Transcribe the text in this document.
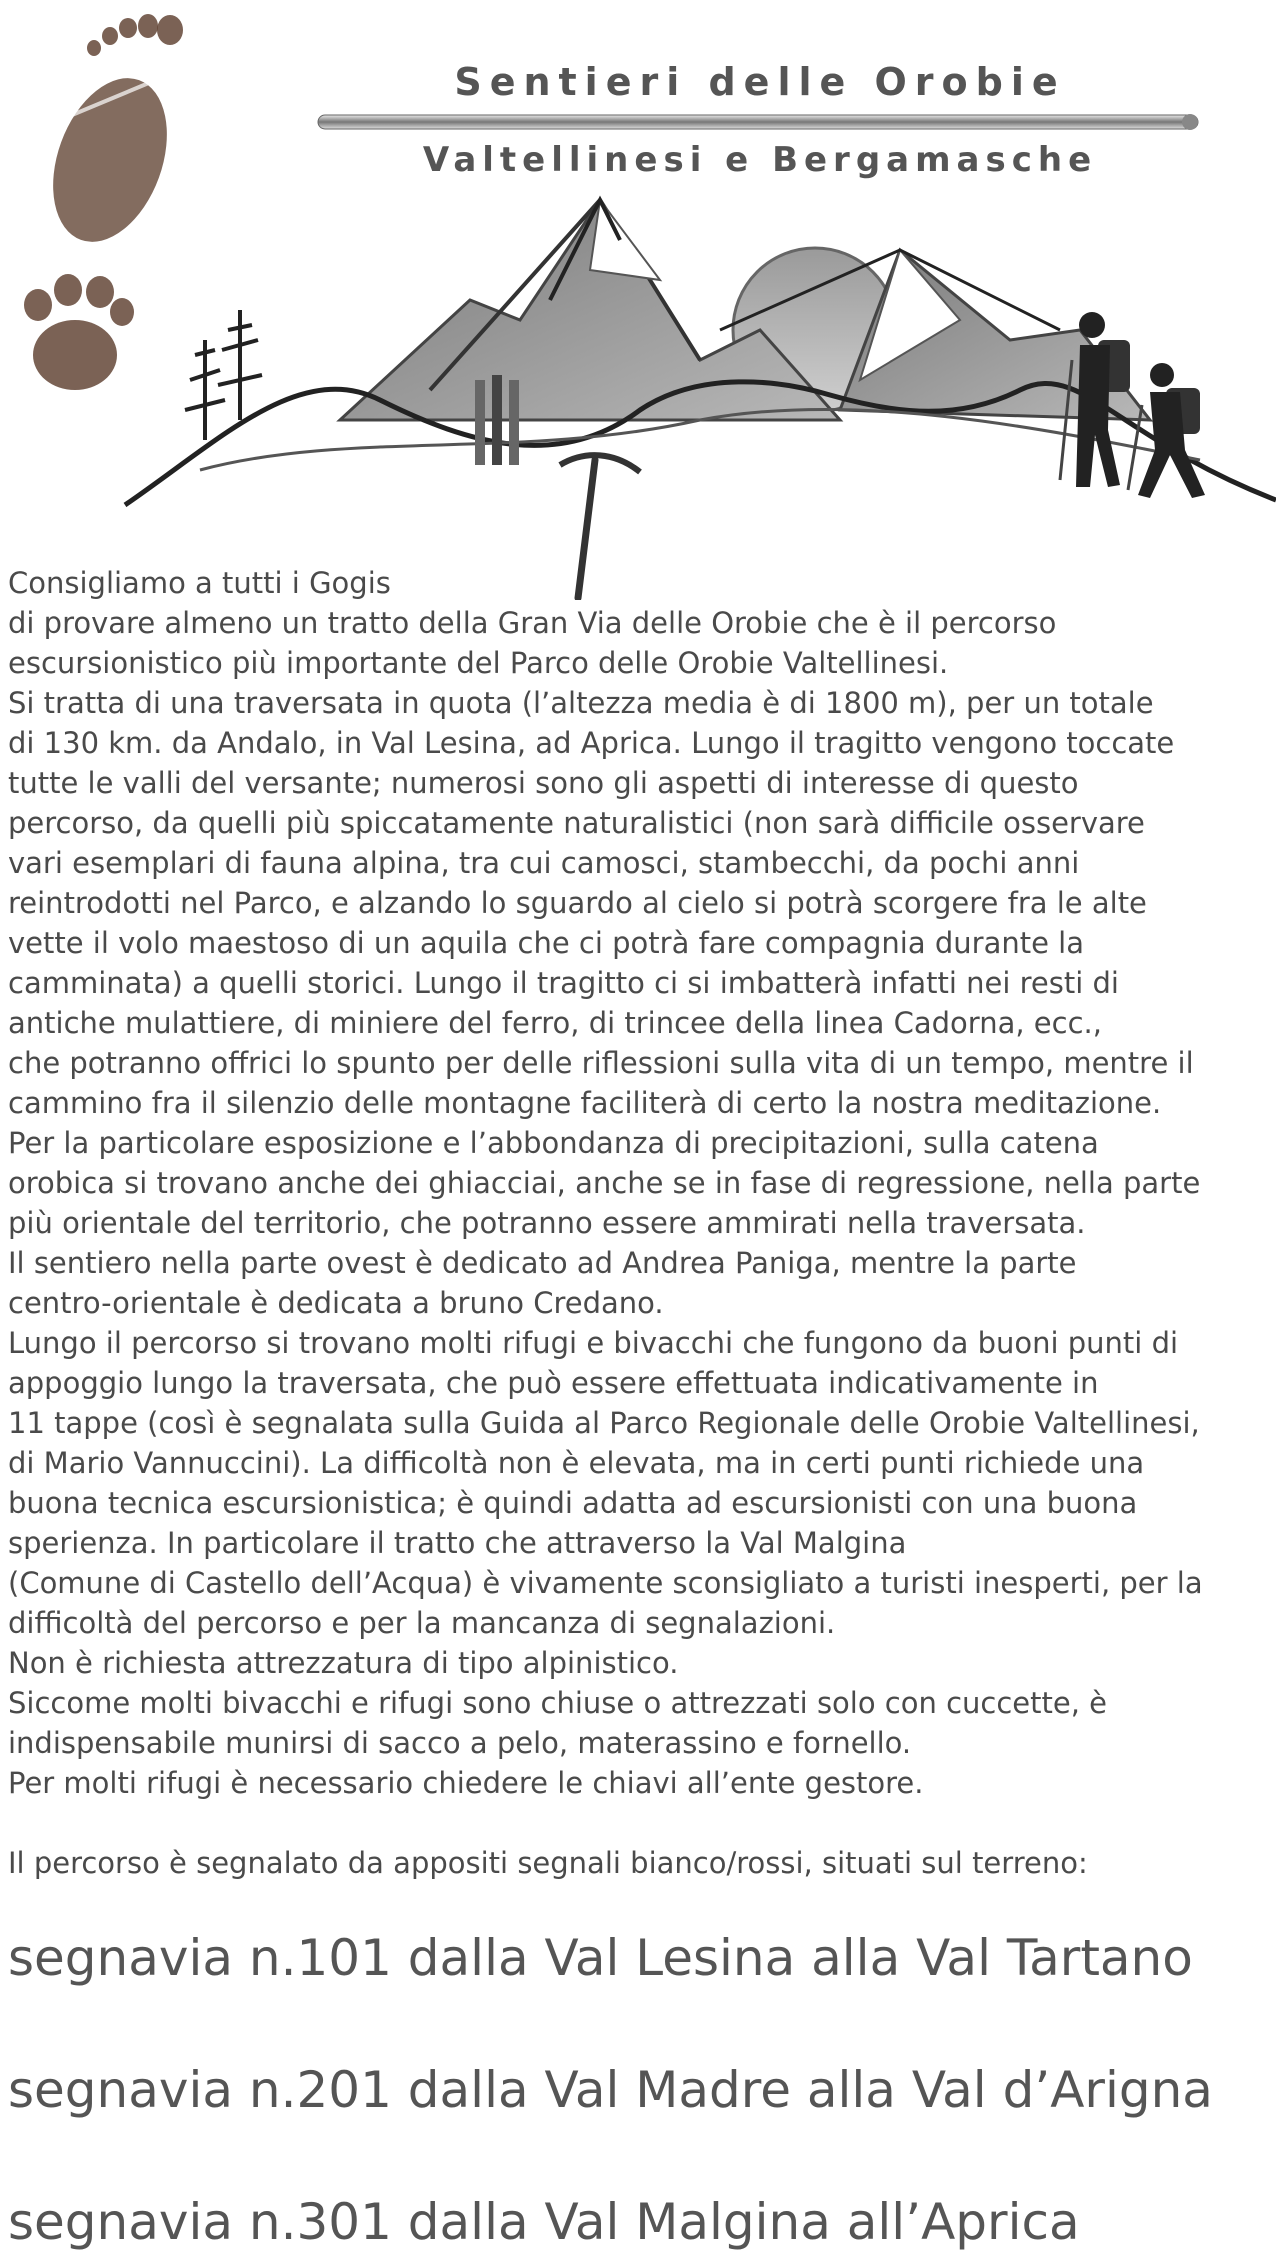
Sentieri delle Orobie
Valtellinesi e Bergamasche
Consigliamo a tutti i Gogis
di provare almeno un tratto della Gran Via delle Orobie che è il percorso
escursionistico più importante del Parco delle Orobie Valtellinesi.
Si tratta di una traversata in quota (l’altezza media è di 1800 m), per un totale
di 130 km. da Andalo, in Val Lesina, ad Aprica. Lungo il tragitto vengono toccate
tutte le valli del versante; numerosi sono gli aspetti di interesse di questo
percorso, da quelli più spiccatamente naturalistici (non sarà difficile osservare
vari esemplari di fauna alpina, tra cui camosci, stambecchi, da pochi anni
reintrodotti nel Parco, e alzando lo sguardo al cielo si potrà scorgere fra le alte
vette il volo maestoso di un aquila che ci potrà fare compagnia durante la
camminata) a quelli storici. Lungo il tragitto ci si imbatterà infatti nei resti di
antiche mulattiere, di miniere del ferro, di trincee della linea Cadorna, ecc.,
che potranno offrici lo spunto per delle riflessioni sulla vita di un tempo, mentre il
cammino fra il silenzio delle montagne faciliterà di certo la nostra meditazione.
Per la particolare esposizione e l’abbondanza di precipitazioni, sulla catena
orobica si trovano anche dei ghiacciai, anche se in fase di regressione, nella parte
più orientale del territorio, che potranno essere ammirati nella traversata.
Il sentiero nella parte ovest è dedicato ad Andrea Paniga, mentre la parte
centro-orientale è dedicata a bruno Credano.
Lungo il percorso si trovano molti rifugi e bivacchi che fungono da buoni punti di
appoggio lungo la traversata, che può essere effettuata indicativamente in
11 tappe (così è segnalata sulla Guida al Parco Regionale delle Orobie Valtellinesi,
di Mario Vannuccini). La difficoltà non è elevata, ma in certi punti richiede una
buona tecnica escursionistica; è quindi adatta ad escursionisti con una buona
sperienza. In particolare il tratto che attraverso la Val Malgina
(Comune di Castello dell’Acqua) è vivamente sconsigliato a turisti inesperti, per la
difficoltà del percorso e per la mancanza di segnalazioni.
Non è richiesta attrezzatura di tipo alpinistico.
Siccome molti bivacchi e rifugi sono chiuse o attrezzati solo con cuccette, è
indispensabile munirsi di sacco a pelo, materassino e fornello.
Per molti rifugi è necessario chiedere le chiavi all’ente gestore.
Il percorso è segnalato da appositi segnali bianco/rossi, situati sul terreno:
segnavia n.101 dalla Val Lesina alla Val Tartano
segnavia n.201 dalla Val Madre alla Val d’Arigna
segnavia n.301 dalla Val Malgina all’Aprica
